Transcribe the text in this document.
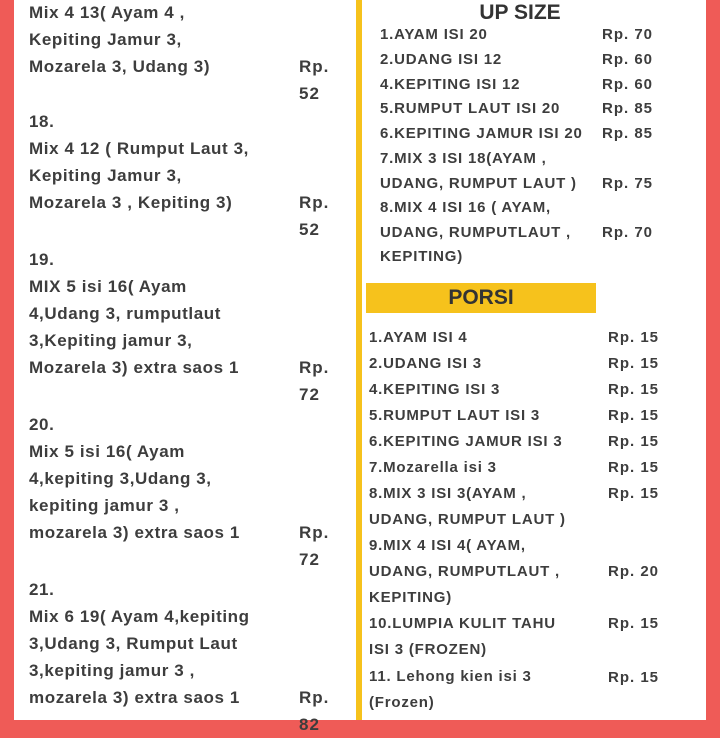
Mix 4 13( Ayam 4 ,
Kepiting Jamur 3,
Mozarela 3, Udang 3)	Rp. 52
18.
Mix 4 12 ( Rumput Laut 3,
Kepiting Jamur 3,
Mozarela 3 , Kepiting 3)	Rp. 52
19.
MIX 5 isi 16( Ayam
4,Udang 3, rumputlaut
3,Kepiting jamur 3,
Mozarela 3) extra saos 1	Rp. 72
20.
Mix 5 isi 16( Ayam
4,kepiting 3,Udang 3,
kepiting jamur 3 ,
mozarela 3) extra saos 1	Rp. 72
21.
Mix 6 19( Ayam 4,kepiting
3,Udang 3, Rumput Laut
3,kepiting jamur 3 ,
mozarela 3) extra saos 1	Rp. 82
UP SIZE
PORSI
1.AYAM ISI 20	Rp. 70
2.UDANG ISI 12	Rp. 60
4.KEPITING ISI 12	Rp. 60
5.RUMPUT LAUT ISI 20	Rp. 85
6.KEPITING JAMUR ISI 20 Rp. 85
7.MIX 3 ISI 18(AYAM ,
UDANG, RUMPUT LAUT ) Rp. 75
8.MIX 4 ISI 16 ( AYAM,
UDANG, RUMPUTLAUT ,
KEPITING)
Rp. 70
1.AYAM ISI 4	Rp. 15
2.UDANG ISI 3	Rp. 15
4.KEPITING ISI 3	Rp. 15
5.RUMPUT LAUT ISI 3	Rp. 15
6.KEPITING JAMUR ISI 3	Rp. 15
7.Mozarella isi 3	Rp. 15
8.MIX 3 ISI 3(AYAM ,
UDANG, RUMPUT LAUT )
Rp. 15
9.MIX 4 ISI 4( AYAM,
UDANG, RUMPUTLAUT ,
KEPITING)
Rp. 20
10.LUMPIA KULIT TAHU
ISI 3 (FROZEN)
Rp. 15
11. Lehong kien isi 3
(Frozen)
Rp. 15
